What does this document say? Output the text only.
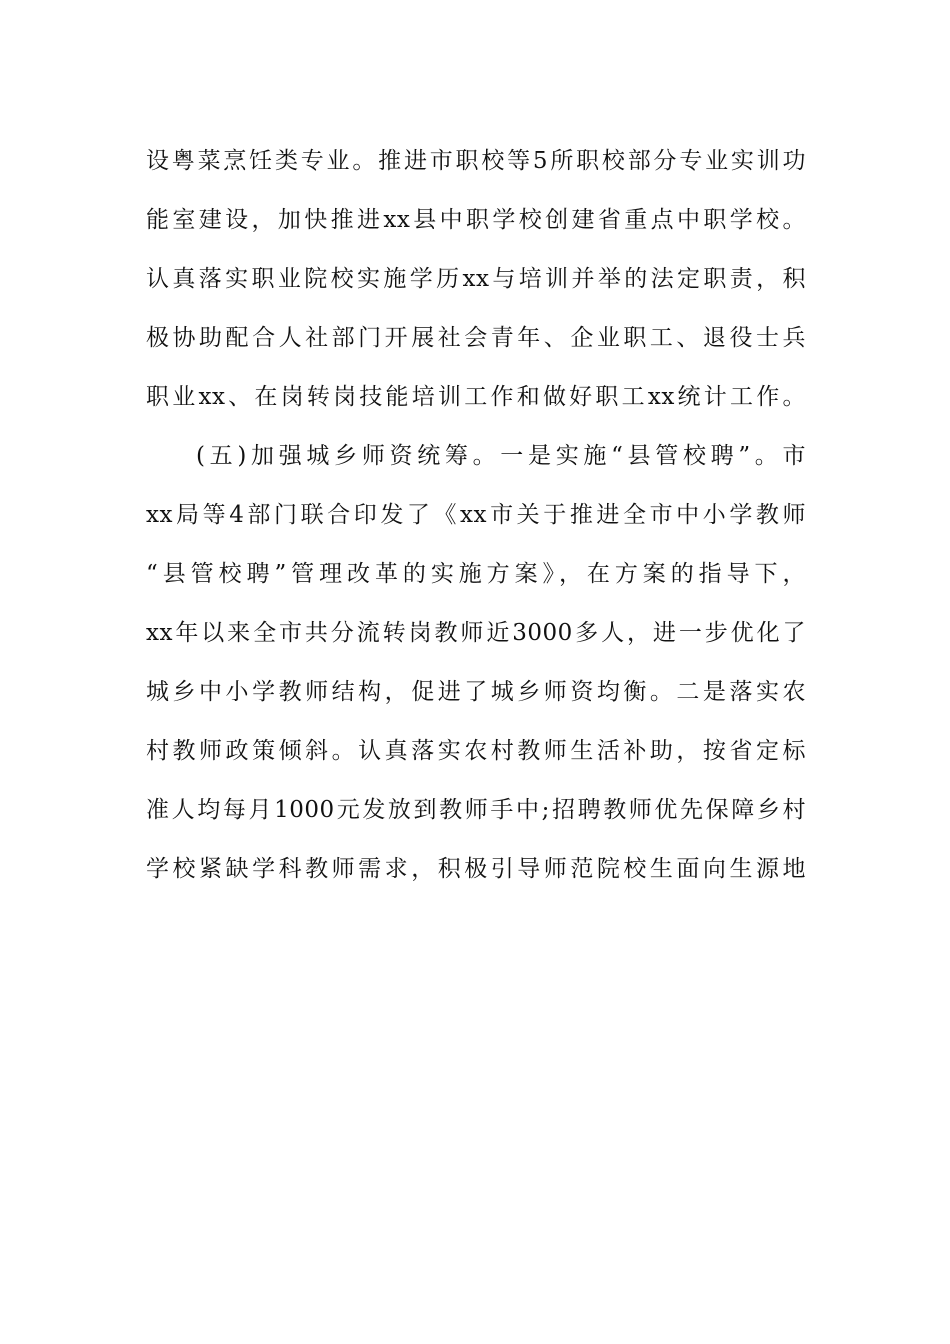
设粤菜烹饪类专业。推进市职校等5所职校部分专业实训功
能室建设，加快推进xx县中职学校创建省重点中职学校。
认真落实职业院校实施学历xx与培训并举的法定职责，积
极协助配合人社部门开展社会青年、企业职工、退役士兵
职业xx、在岗转岗技能培训工作和做好职工xx统计工作。
(五)加强城乡师资统筹。一是实施“县管校聘”。市
xx局等4部门联合印发了《xx市关于推进全市中小学教师
“县管校聘”管理改革的实施方案》，在方案的指导下，
xx年以来全市共分流转岗教师近3000多人，进一步优化了
城乡中小学教师结构，促进了城乡师资均衡。二是落实农
村教师政策倾斜。认真落实农村教师生活补助，按省定标
准人均每月1000元发放到教师手中;招聘教师优先保障乡村
学校紧缺学科教师需求，积极引导师范院校生面向生源地
